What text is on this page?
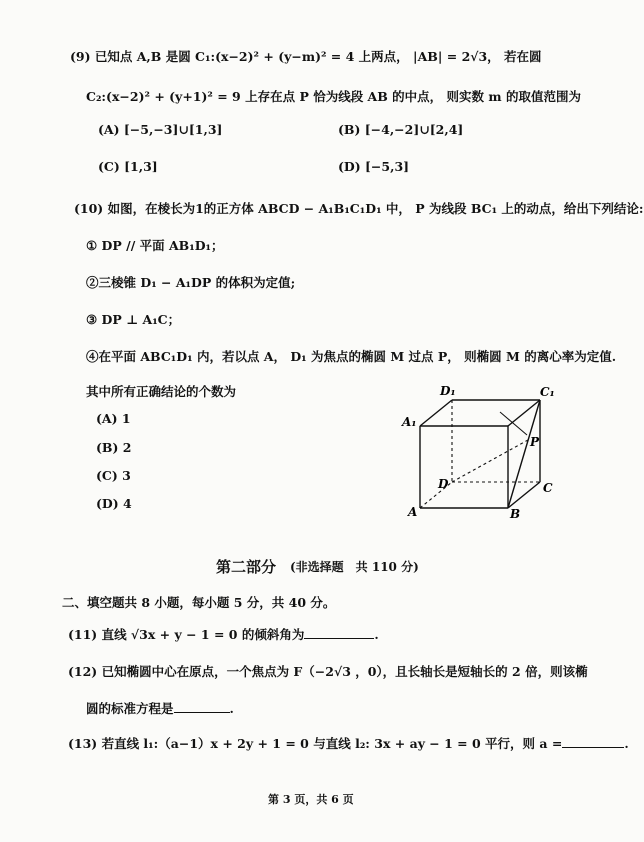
(9) 已知点 A,B 是圆 C₁:(x−2)² + (y−m)² = 4 上两点， |AB| = 2√3， 若在圆
C₂:(x−2)² + (y+1)² = 9 上存在点 P 恰为线段 AB 的中点， 则实数 m 的取值范围为
(A) [−5,−3]∪[1,3]	(B) [−4,−2]∪[2,4]
(C) [1,3]	(D) [−5,3]
(10) 如图，在棱长为1的正方体 ABCD − A₁B₁C₁D₁ 中， P 为线段 BC₁ 上的动点，给出下列结论:
① DP // 平面 AB₁D₁；
②三棱锥 D₁ − A₁DP 的体积为定值;
③ DP ⊥ A₁C；
④在平面 ABC₁D₁ 内，若以点 A， D₁ 为焦点的椭圆 M 过点 P， 则椭圆 M 的离心率为定值.
其中所有正确结论的个数为
(A) 1
(B) 2
(C) 3
(D) 4
D₁	C₁
A₁
P
D	C
A	B
第二部分 (非选择题　共 110 分)
二、填空题共 8 小题，每小题 5 分，共 40 分。
(11) 直线 √3x + y − 1 = 0 的倾斜角为	.
(12) 已知椭圆中心在原点，一个焦点为 F（−2√3 ，0），且长轴长是短轴长的 2 倍，则该椭
圆的标准方程是	.
(13) 若直线 l₁:（a−1）x + 2y + 1 = 0 与直线 l₂: 3x + ay − 1 = 0 平行，则 a =	.
第 3 页，共 6 页
